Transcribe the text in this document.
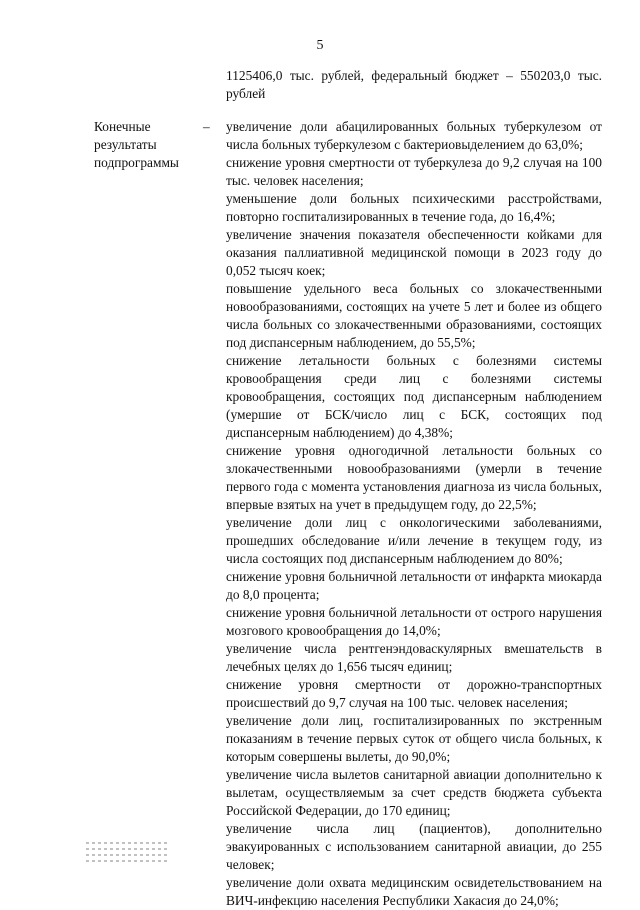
5
1125406,0 тыс. рублей, федеральный бюджет – 550203,0 тыс. рублей
Конечные результаты подпрограммы
– увеличение доли абацилированных больных туберкулезом от числа больных туберкулезом с бактериовыделением до 63,0%;
снижение уровня смертности от туберкулеза до 9,2 случая на 100 тыс. человек населения;
уменьшение доли больных психическими расстройствами, повторно госпитализированных в течение года, до 16,4%;
увеличение значения показателя обеспеченности койками для оказания паллиативной медицинской помощи в 2023 году до 0,052 тысяч коек;
повышение удельного веса больных со злокачественными новообразованиями, состоящих на учете 5 лет и более из общего числа больных со злокачественными образованиями, состоящих под диспансерным наблюдением, до 55,5%;
снижение летальности больных с болезнями системы кровообращения среди лиц с болезнями системы кровообращения, состоящих под диспансерным наблюдением (умершие от БСК/число лиц с БСК, состоящих под диспансерным наблюдением) до 4,38%;
снижение уровня одногодичной летальности больных со злокачественными новообразованиями (умерли в течение первого года с момента установления диагноза из числа больных, впервые взятых на учет в предыдущем году, до 22,5%;
увеличение доли лиц с онкологическими заболеваниями, прошедших обследование и/или лечение в текущем году, из числа состоящих под диспансерным наблюдением до 80%;
снижение уровня больничной летальности от инфаркта миокарда до 8,0 процента;
снижение уровня больничной летальности от острого нарушения мозгового кровообращения до 14,0%;
увеличение числа рентгенэндоваскулярных вмешательств в лечебных целях до 1,656 тысяч единиц;
снижение уровня смертности от дорожно-транспортных происшествий до 9,7 случая на 100 тыс. человек населения;
увеличение доли лиц, госпитализированных по экстренным показаниям в течение первых суток от общего числа больных, к которым совершены вылеты, до 90,0%;
увеличение числа вылетов санитарной авиации дополнительно к вылетам, осуществляемым за счет средств бюджета субъекта Российской Федерации, до 170 единиц;
увеличение числа лиц (пациентов), дополнительно эвакуированных с использованием санитарной авиации, до 255 человек;
увеличение доли охвата медицинским освидетельствованием на ВИЧ-инфекцию населения Республики Хакасия до 24,0%;
